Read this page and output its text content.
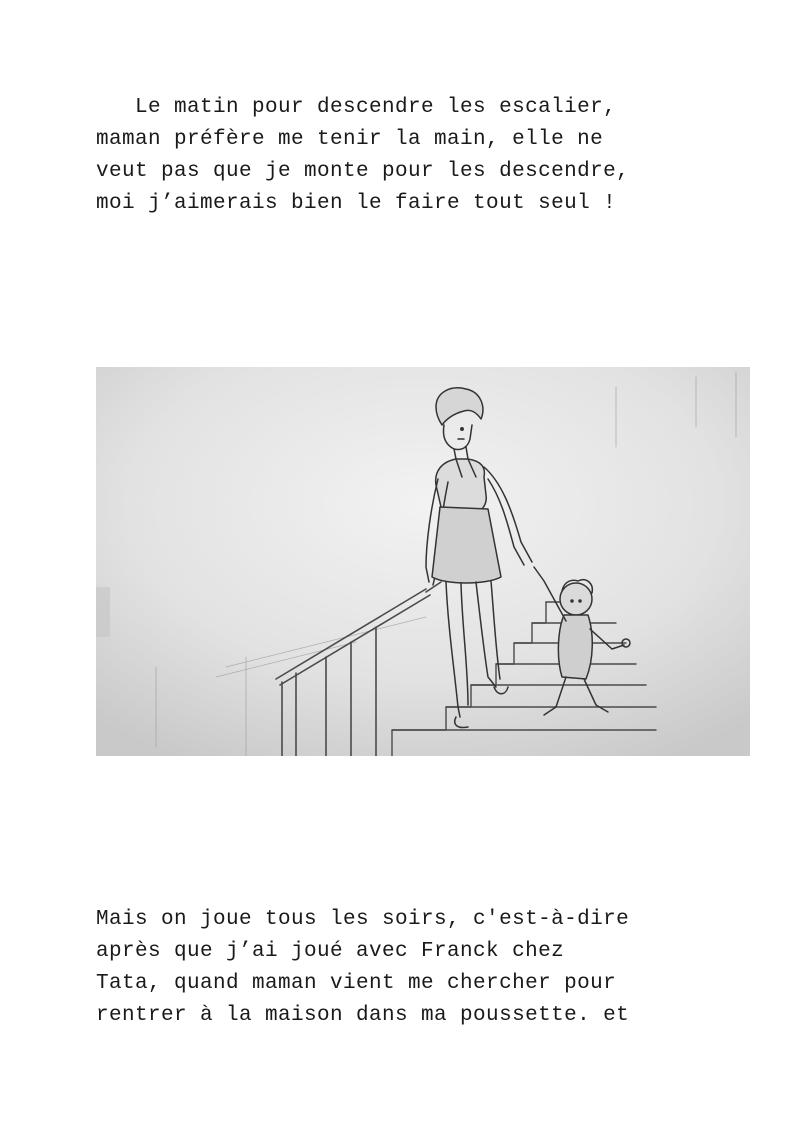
Le matin pour descendre les escalier,
maman préfère me tenir la main, elle ne
veut pas que je monte pour les descendre,
moi j’aimerais bien le faire tout seul !
Mais on joue tous les soirs, c'est-à-dire
après que j’ai joué avec Franck chez
Tata, quand maman vient me chercher pour
rentrer à la maison dans ma poussette. et
